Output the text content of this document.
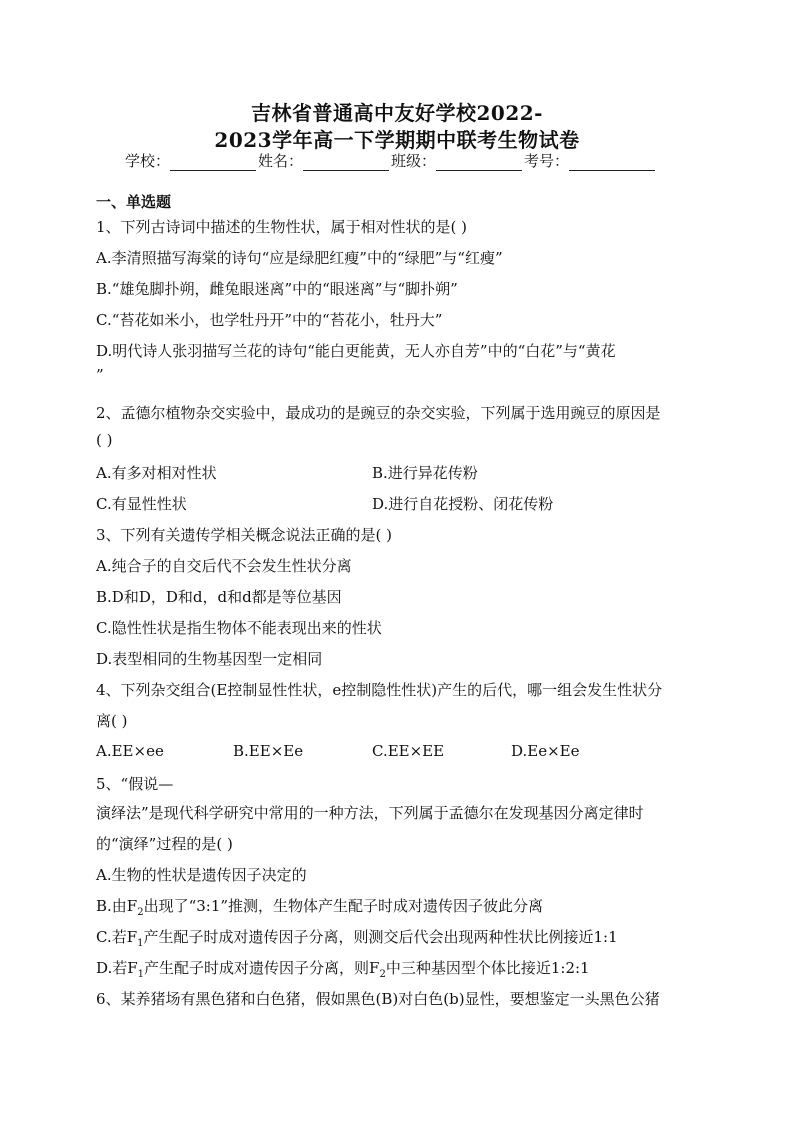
吉林省普通高中友好学校2022-
2023学年高一下学期期中联考生物试卷
学校：	姓名：	班级：	考号：
一、单选题
1、下列古诗词中描述的生物性状，属于相对性状的是( )
A.李清照描写海棠的诗句“应是绿肥红瘦”中的“绿肥”与“红瘦”
B.“雄兔脚扑朔，雌兔眼迷离”中的“眼迷离”与“脚扑朔”
C.“苔花如米小，也学牡丹开”中的“苔花小，牡丹大”
D.明代诗人张羽描写兰花的诗句“能白更能黄，无人亦自芳”中的“白花”与“黄花
”
2、孟德尔植物杂交实验中，最成功的是豌豆的杂交实验，下列属于选用豌豆的原因是
( )
A.有多对相对性状	B.进行异花传粉
C.有显性性状	D.进行自花授粉、闭花传粉
3、下列有关遗传学相关概念说法正确的是( )
A.纯合子的自交后代不会发生性状分离
B.D和D，D和d，d和d都是等位基因
C.隐性性状是指生物体不能表现出来的性状
D.表型相同的生物基因型一定相同
4、下列杂交组合(E控制显性性状，e控制隐性性状)产生的后代，哪一组会发生性状分
离( )
A.EE×ee	B.EE×Ee	C.EE×EE	D.Ee×Ee
5、“假说—
演绎法”是现代科学研究中常用的一种方法，下列属于孟德尔在发现基因分离定律时
的“演绎”过程的是( )
A.生物的性状是遗传因子决定的
B.由$F_2$出现了“3:1”推测，生物体产生配子时成对遗传因子彼此分离
C.若$F_1$产生配子时成对遗传因子分离，则测交后代会出现两种性状比例接近1:1
D.若$F_1$产生配子时成对遗传因子分离，则$F_2$中三种基因型个体比接近1:2:1
6、某养猪场有黑色猪和白色猪，假如黑色(B)对白色(b)显性，要想鉴定一头黑色公猪
